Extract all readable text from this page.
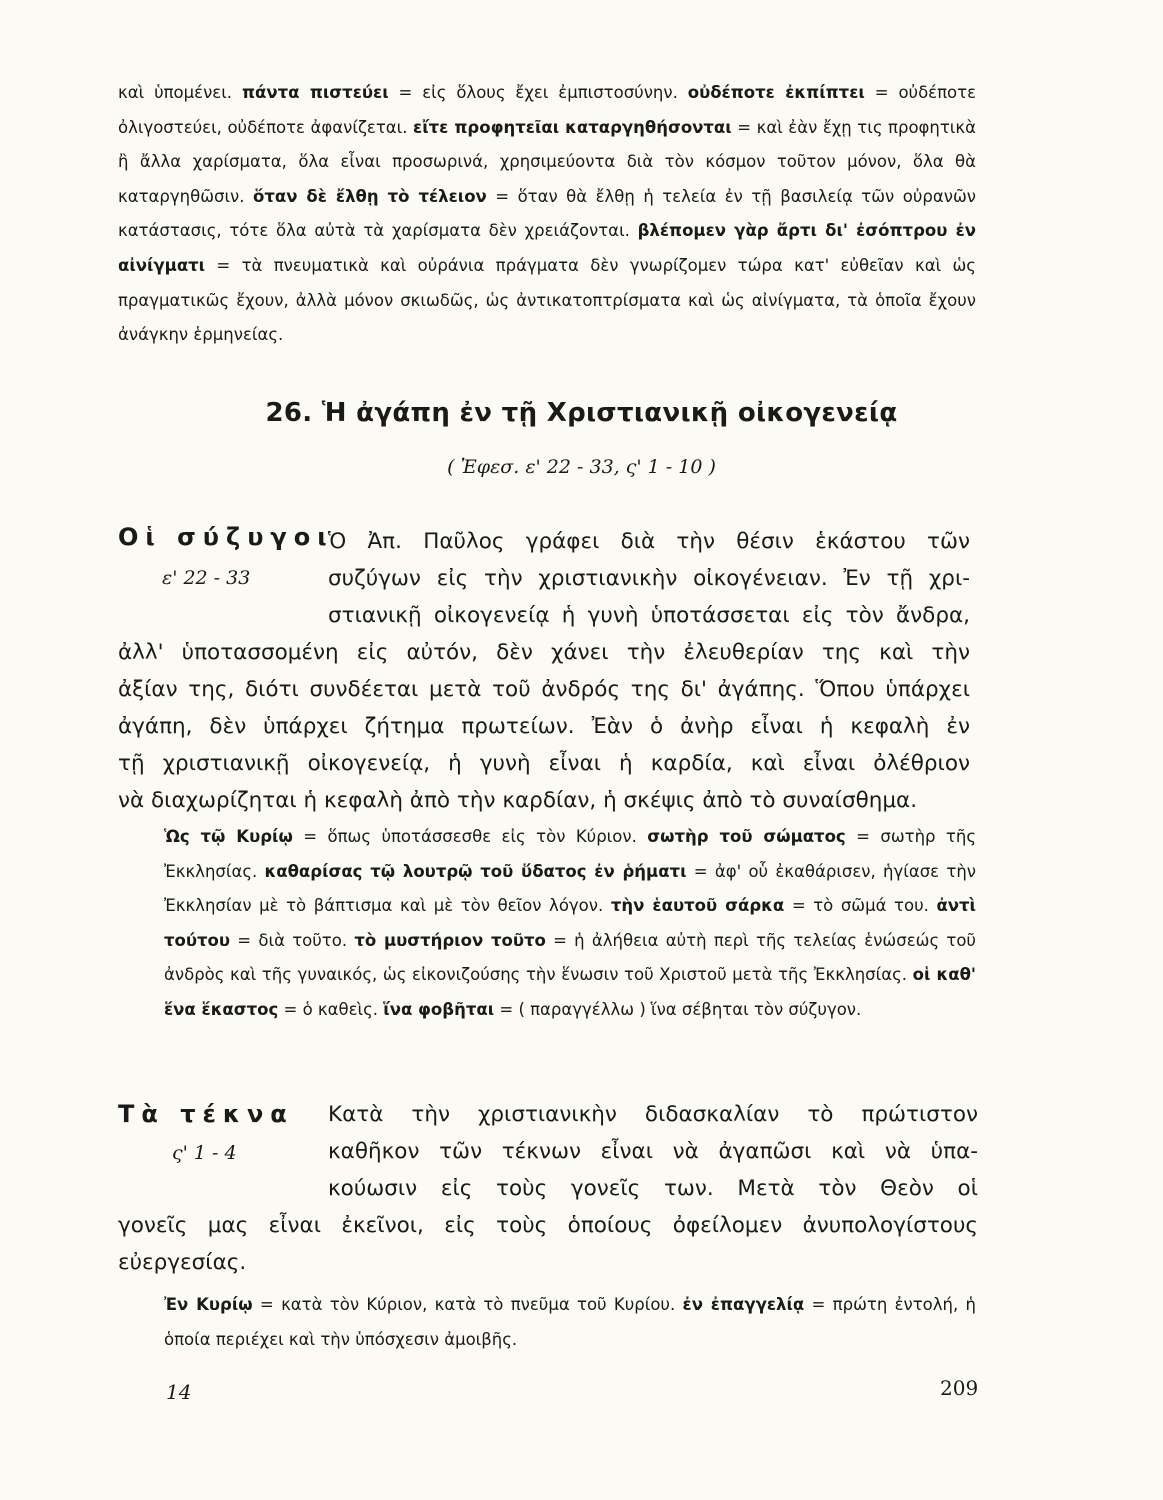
καὶ ὑπομένει. πάντα πιστεύει = εἰς ὅλους ἔχει ἐμπιστοσύνην. οὐδέποτε ἐκπίπτει = οὐδέποτε ὀλιγοστεύει, οὐδέποτε ἀφανίζεται. εἴτε προφητεῖαι καταργηθήσονται = καὶ ἐὰν ἔχῃ τις προφητικὰ ἢ ἄλλα χαρίσματα, ὅλα εἶναι προσωρινά, χρησιμεύοντα διὰ τὸν κόσμον τοῦτον μόνον, ὅλα θὰ καταργηθῶσιν. ὅταν δὲ ἔλθῃ τὸ τέλειον = ὅταν θὰ ἔλθῃ ἡ τελεία ἐν τῇ βασιλείᾳ τῶν οὐρανῶν κατάστασις, τότε ὅλα αὐτὰ τὰ χαρίσματα δὲν χρειάζονται. βλέπομεν γὰρ ἄρτι δι' ἐσόπτρου ἐν αἰνίγματι = τὰ πνευματικὰ καὶ οὐράνια πράγματα δὲν γνωρίζομεν τώρα κατ' εὐθεῖαν καὶ ὡς πραγματικῶς ἔχουν, ἀλλὰ μόνον σκιωδῶς, ὡς ἀντικατοπτρίσματα καὶ ὡς αἰνίγματα, τὰ ὁποῖα ἔχουν ἀνάγκην ἑρμηνείας.
26. Ἡ ἀγάπη ἐν τῇ Χριστιανικῇ οἰκογενείᾳ
( Ἐφεσ. ε' 22 - 33, ς' 1 - 10 )
Οἱ σύζυγοι
ε' 22 - 33
Ὁ Ἀπ. Παῦλος γράφει διὰ τὴν θέσιν ἑκάστου τῶν
συζύγων εἰς τὴν χριστιανικὴν οἰκογένειαν. Ἐν τῇ χρι-
στιανικῇ οἰκογενείᾳ ἡ γυνὴ ὑποτάσσεται εἰς τὸν ἄνδρα,
ἀλλ' ὑποτασσομένη εἰς αὐτόν, δὲν χάνει τὴν ἐλευθερίαν της καὶ τὴν
ἀξίαν της, διότι συνδέεται μετὰ τοῦ ἀνδρός της δι' ἀγάπης. Ὅπου ὑπάρχει
ἀγάπη, δὲν ὑπάρχει ζήτημα πρωτείων. Ἐὰν ὁ ἀνὴρ εἶναι ἡ κεφαλὴ ἐν
τῇ χριστιανικῇ οἰκογενείᾳ, ἡ γυνὴ εἶναι ἡ καρδία, καὶ εἶναι ὀλέθριον
νὰ διαχωρίζηται ἡ κεφαλὴ ἀπὸ τὴν καρδίαν, ἡ σκέψις ἀπὸ τὸ συναίσθημα.
Ὡς τῷ Κυρίῳ = ὅπως ὑποτάσσεσθε εἰς τὸν Κύριον. σωτὴρ τοῦ σώματος = σωτὴρ τῆς Ἐκκλησίας. καθαρίσας τῷ λουτρῷ τοῦ ὕδατος ἐν ῥήματι = ἀφ' οὗ ἐκαθάρισεν, ἡγίασε τὴν Ἐκκλησίαν μὲ τὸ βάπτισμα καὶ μὲ τὸν θεῖον λόγον. τὴν ἑαυτοῦ σάρκα = τὸ σῶμά του. ἀντὶ τούτου = διὰ τοῦτο. τὸ μυστήριον τοῦτο = ἡ ἀλήθεια αὐτὴ περὶ τῆς τελείας ἑνώσεώς τοῦ ἀνδρὸς καὶ τῆς γυναικός, ὡς εἰκονιζούσης τὴν ἕνωσιν τοῦ Χριστοῦ μετὰ τῆς Ἐκκλησίας. οἱ καθ' ἕνα ἕκαστος = ὁ καθεὶς. ἵνα φοβῆται = ( παραγγέλλω ) ἵνα σέβηται τὸν σύζυγον.
Τὰ τέκνα
ς' 1 - 4
Κατὰ τὴν χριστιανικὴν διδασκαλίαν τὸ πρώτιστον
καθῆκον τῶν τέκνων εἶναι νὰ ἀγαπῶσι καὶ νὰ ὑπα-
κούωσιν εἰς τοὺς γονεῖς των. Μετὰ τὸν Θεὸν οἱ
γονεῖς μας εἶναι ἐκεῖνοι, εἰς τοὺς ὁποίους ὀφείλομεν ἀνυπολογίστους
εὐεργεσίας.
Ἐν Κυρίῳ = κατὰ τὸν Κύριον, κατὰ τὸ πνεῦμα τοῦ Κυρίου. ἐν ἐπαγγελίᾳ = πρώτη ἐντολή, ἡ ὁποία περιέχει καὶ τὴν ὑπόσχεσιν ἀμοιβῆς.
14	209
